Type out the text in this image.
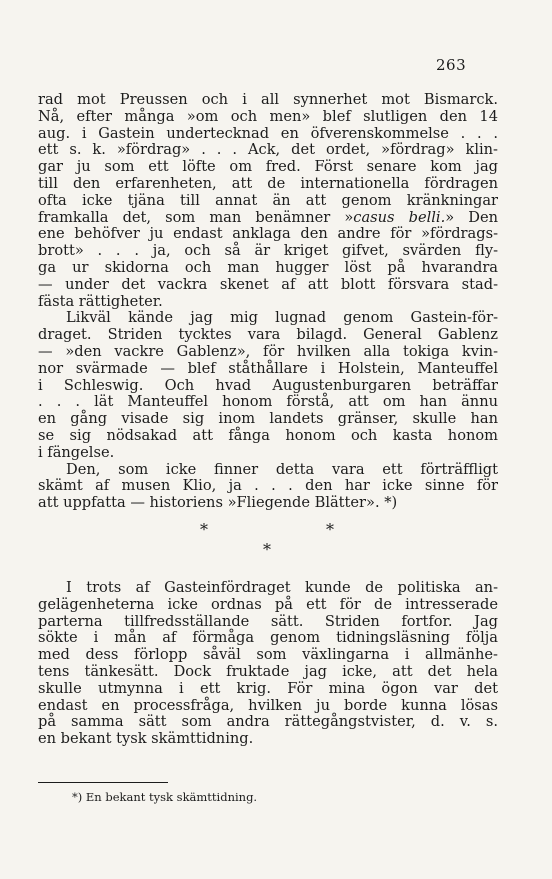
263
rad mot Preussen och i all synnerhet mot Bismarck.
Nå, efter många »om och men» blef slutligen den 14
aug. i Gastein undertecknad en öfverenskommelse . . .
ett s. k. »fördrag» . . . Ack, det ordet, »fördrag» klin-
gar ju som ett löfte om fred. Först senare kom jag
till den erfarenheten, att de internationella fördragen
ofta icke tjäna till annat än att genom kränkningar
framkalla det, som man benämner »casus belli.» Den
ene behöfver ju endast anklaga den andre för »fördrags-
brott» . . . ja, och så är kriget gifvet, svärden fly-
ga ur skidorna och man hugger löst på hvarandra
— under det vackra skenet af att blott försvara stad-
fästa rättigheter.
Likväl kände jag mig lugnad genom Gastein-för-
draget. Striden tycktes vara bilagd. General Gablenz
— »den vackre Gablenz», för hvilken alla tokiga kvin-
nor svärmade — blef ståthållare i Holstein, Manteuffel
i Schleswig. Och hvad Augustenburgaren beträffar
. . . lät Manteuffel honom förstå, att om han ännu
en gång visade sig inom landets gränser, skulle han
se sig nödsakad att fånga honom och kasta honom
i fängelse.
Den, som icke finner detta vara ett förträffligt
skämt af musen Klio, ja . . . den har icke sinne för
att uppfatta — historiens »Fliegende Blätter». *)
*	*
*
I trots af Gasteinfördraget kunde de politiska an-
gelägenheterna icke ordnas på ett för de intresserade
parterna tillfredsställande sätt. Striden fortfor. Jag
sökte i mån af förmåga genom tidningsläsning följa
med dess förlopp såväl som växlingarna i allmänhe-
tens tänkesätt. Dock fruktade jag icke, att det hela
skulle utmynna i ett krig. För mina ögon var det
endast en processfråga, hvilken ju borde kunna lösas
på samma sätt som andra rättegångstvister, d. v. s.
en bekant tysk skämttidning.
*) En bekant tysk skämttidning.
